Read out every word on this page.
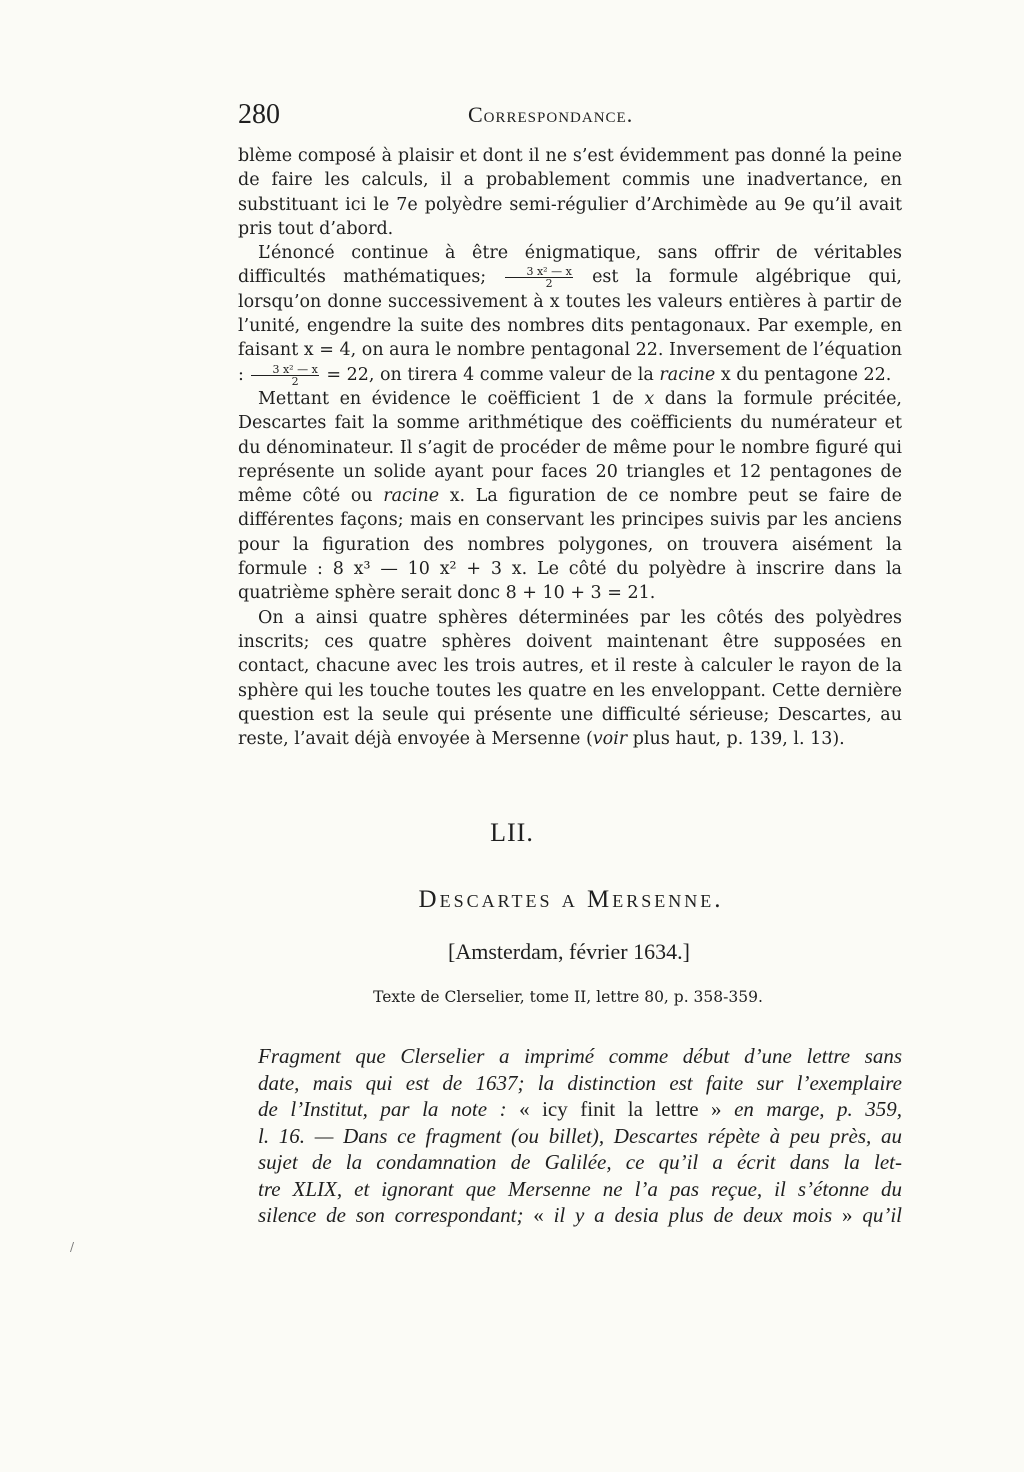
280	Correspondance.

blème composé à plaisir et dont il ne s’est évidemment pas donné la peine de faire les calculs, il a probablement commis une inadvertance, en substituant ici le 7e polyèdre semi-régulier d’Archimède au 9e qu’il avait pris tout d’abord.

L’énoncé continue à être énigmatique, sans offrir de véritables difficultés mathématiques; $\frac{\text{3 x² — x}}{2}$ est la formule algébrique qui, lorsqu’on donne successivement à x toutes les valeurs entières à partir de l’unité, engendre la suite des nombres dits pentagonaux. Par exemple, en faisant x = 4, on aura le nombre pentagonal 22. Inversement de l’équation : $\frac{\text{3 x² — x}}{2} = 22$, on tirera 4 comme valeur de la racine x du pentagone 22.

Mettant en évidence le coëfficient 1 de x dans la formule précitée, Descartes fait la somme arithmétique des coëfficients du numérateur et du dénominateur. Il s’agit de procéder de même pour le nombre figuré qui représente un solide ayant pour faces 20 triangles et 12 pentagones de même côté ou racine x. La figuration de ce nombre peut se faire de différentes façons; mais en conservant les principes suivis par les anciens pour la figuration des nombres polygones, on trouvera aisément la formule : 8 x³ — 10 x² + 3 x. Le côté du polyèdre à inscrire dans la quatrième sphère serait donc 8 + 10 + 3 = 21.

On a ainsi quatre sphères déterminées par les côtés des polyèdres inscrits; ces quatre sphères doivent maintenant être supposées en contact, chacune avec les trois autres, et il reste à calculer le rayon de la sphère qui les touche toutes les quatre en les enveloppant. Cette dernière question est la seule qui présente une difficulté sérieuse; Descartes, au reste, l’avait déjà envoyée à Mersenne (voir plus haut, p. 139, l. 13).

LII.
Descartes a Mersenne.
[Amsterdam, février 1634.]
Texte de Clerselier, tome II, lettre 80, p. 358-359.
Fragment que Clerselier a imprimé comme début d’une lettre sans
date, mais qui est de 1637; la distinction est faite sur l’exemplaire
de l’Institut, par la note : « icy finit la lettre » en marge, p. 359,
l. 16. — Dans ce fragment (ou billet), Descartes répète à peu près, au
sujet de la condamnation de Galilée, ce qu’il a écrit dans la let-
tre XLIX, et ignorant que Mersenne ne l’a pas reçue, il s’étonne du
silence de son correspondant; « il y a desia plus de deux mois » qu’il
/
